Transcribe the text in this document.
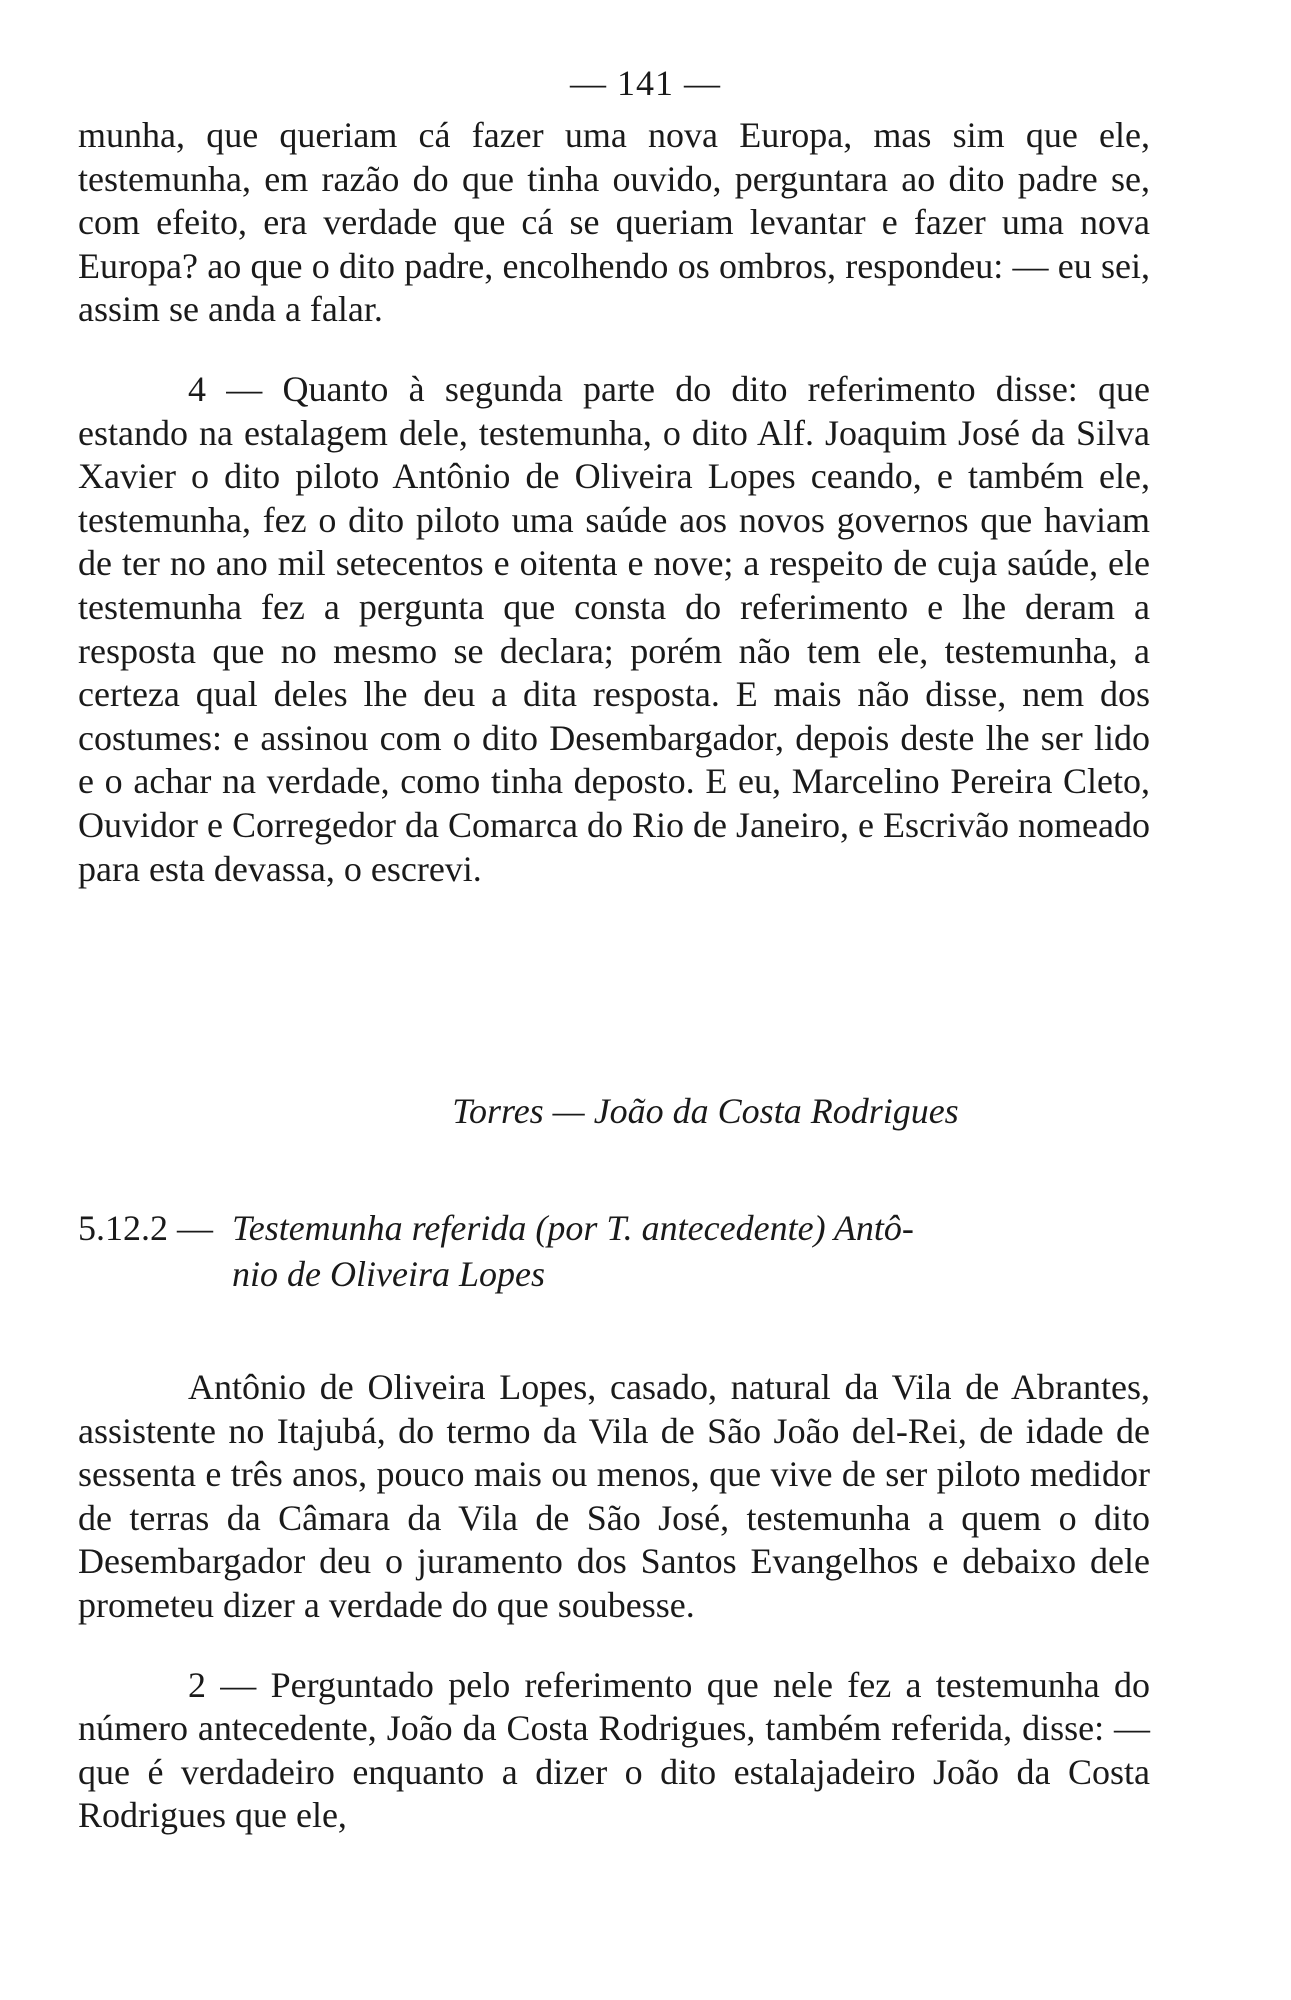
— 141 —

munha, que queriam cá fazer uma nova Europa, mas sim que ele, testemunha, em razão do que tinha ouvido, perguntara ao dito padre se, com efeito, era verdade que cá se queriam levantar e fazer uma nova Europa? ao que o dito padre, encolhendo os ombros, respondeu: — eu sei, assim se anda a falar.

4 — Quanto à segunda parte do dito referimento disse: que estando na estalagem dele, testemunha, o dito Alf. Joaquim José da Silva Xavier o dito piloto Antônio de Oliveira Lopes ceando, e também ele, testemunha, fez o dito piloto uma saúde aos novos governos que haviam de ter no ano mil setecentos e oitenta e nove; a respeito de cuja saúde, ele testemunha fez a pergunta que consta do referimento e lhe deram a resposta que no mesmo se declara; porém não tem ele, testemunha, a certeza qual deles lhe deu a dita resposta. E mais não disse, nem dos costumes: e assinou com o dito Desembargador, depois deste lhe ser lido e o achar na verdade, como tinha deposto. E eu, Marcelino Pereira Cleto, Ouvidor e Corregedor da Comarca do Rio de Janeiro, e Escrivão nomeado para esta devassa, o escrevi.

Torres — João da Costa Rodrigues
5.12.2 — Testemunha referida (por T. antecedente) Antô-
nio de Oliveira Lopes

Antônio de Oliveira Lopes, casado, natural da Vila de Abrantes, assistente no Itajubá, do termo da Vila de São João del-Rei, de idade de sessenta e três anos, pouco mais ou menos, que vive de ser piloto medidor de terras da Câmara da Vila de São José, testemunha a quem o dito Desembargador deu o juramento dos Santos Evangelhos e debaixo dele prometeu dizer a verdade do que soubesse.

2 — Perguntado pelo referimento que nele fez a testemunha do número antecedente, João da Costa Rodrigues, também referida, disse: — que é verdadeiro enquanto a dizer o dito estalajadeiro João da Costa Rodrigues que ele,
